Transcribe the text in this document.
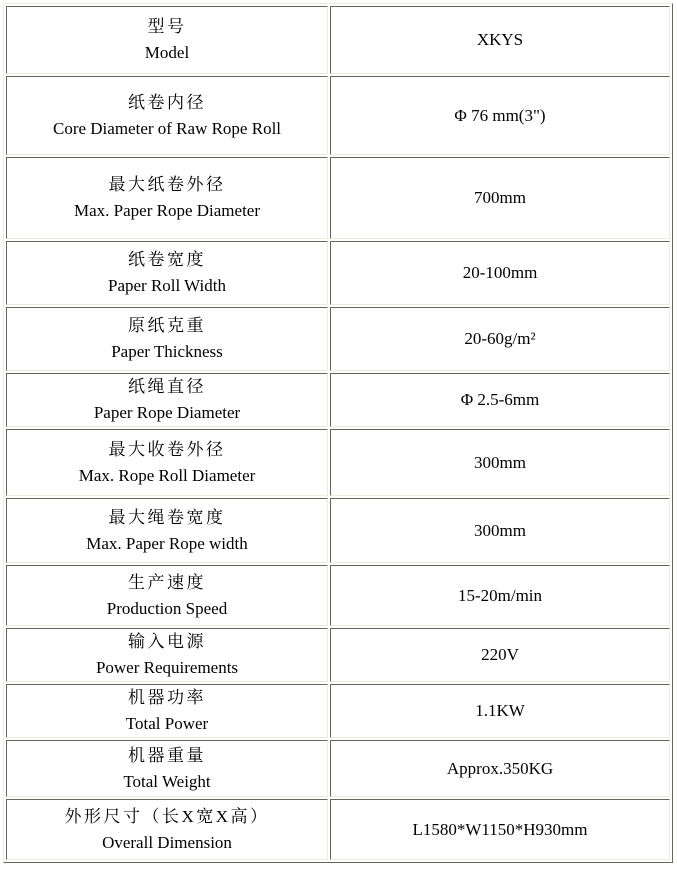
型号
Model	XKYS

纸卷内径
Core Diameter of Raw Rope Roll	Φ 76 mm(3")

最大纸卷外径
Max. Paper Rope Diameter	700mm

纸卷宽度
Paper Roll Width	20-100mm

原纸克重
Paper Thickness	20-60g/m²

纸绳直径
Paper Rope Diameter	Φ 2.5-6mm

最大收卷外径
Max. Rope Roll Diameter	300mm

最大绳卷宽度
Max. Paper Rope width	300mm

生产速度
Production Speed	15-20m/min

输入电源
Power Requirements	220V

机器功率
Total Power	1.1KW

机器重量
Total Weight	Approx.350KG

外形尺寸（长X宽X高）
Overall Dimension	L1580*W1150*H930mm
